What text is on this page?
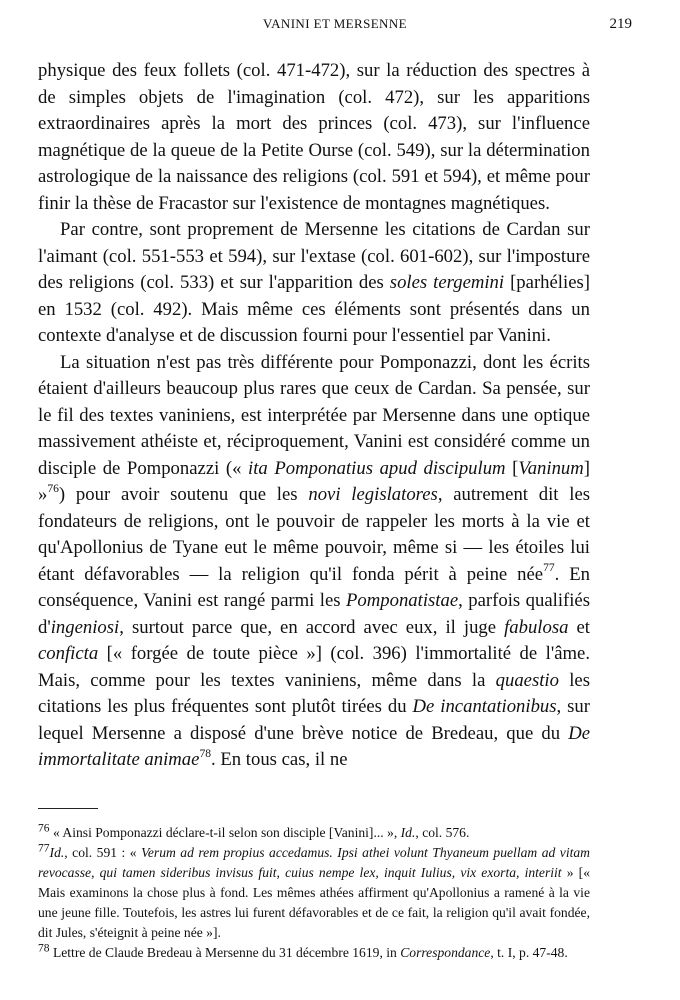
VANINI ET MERSENNE	219

physique des feux follets (col. 471-472), sur la réduction des spectres à de simples objets de l'imagination (col. 472), sur les apparitions extraordinaires après la mort des princes (col. 473), sur l'influence magnétique de la queue de la Petite Ourse (col. 549), sur la détermination astrologique de la naissance des religions (col. 591 et 594), et même pour finir la thèse de Fracastor sur l'existence de montagnes magnétiques.

Par contre, sont proprement de Mersenne les citations de Cardan sur l'aimant (col. 551-553 et 594), sur l'extase (col. 601-602), sur l'imposture des religions (col. 533) et sur l'apparition des soles tergemini [parhélies] en 1532 (col. 492). Mais même ces éléments sont présentés dans un contexte d'analyse et de discussion fourni pour l'essentiel par Vanini.

La situation n'est pas très différente pour Pomponazzi, dont les écrits étaient d'ailleurs beaucoup plus rares que ceux de Cardan. Sa pensée, sur le fil des textes vaniniens, est interprétée par Mersenne dans une optique massivement athéiste et, réciproquement, Vanini est considéré comme un disciple de Pomponazzi (« ita Pomponatius apud discipulum [Vaninum] »$^{76}$) pour avoir soutenu que les novi legislatores, autrement dit les fondateurs de religions, ont le pouvoir de rappeler les morts à la vie et qu'Apollonius de Tyane eut le même pouvoir, même si — les étoiles lui étant défavorables — la religion qu'il fonda périt à peine née$^{77}$. En conséquence, Vanini est rangé parmi les Pomponatistae, parfois qualifiés d'ingeniosi, surtout parce que, en accord avec eux, il juge fabulosa et conficta [« forgée de toute pièce »] (col. 396) l'immortalité de l'âme. Mais, comme pour les textes vaniniens, même dans la quaestio les citations les plus fréquentes sont plutôt tirées du De incantationibus, sur lequel Mersenne a disposé d'une brève notice de Bredeau, que du De immortalitate animae$^{78}$. En tous cas, il ne

76 « Ainsi Pomponazzi déclare-t-il selon son disciple [Vanini]... », Id., col. 576.

77Id., col. 591 : « Verum ad rem propius accedamus. Ipsi athei volunt Thyaneum puellam ad vitam revocasse, qui tamen sideribus invisus fuit, cuius nempe lex, inquit Iulius, vix exorta, interiit » [« Mais examinons la chose plus à fond. Les mêmes athées affirment qu'Apollonius a ramené à la vie une jeune fille. Toutefois, les astres lui furent défavorables et de ce fait, la religion qu'il avait fondée, dit Jules, s'éteignit à peine née »].

78 Lettre de Claude Bredeau à Mersenne du 31 décembre 1619, in Correspondance, t. I, p. 47-48.
